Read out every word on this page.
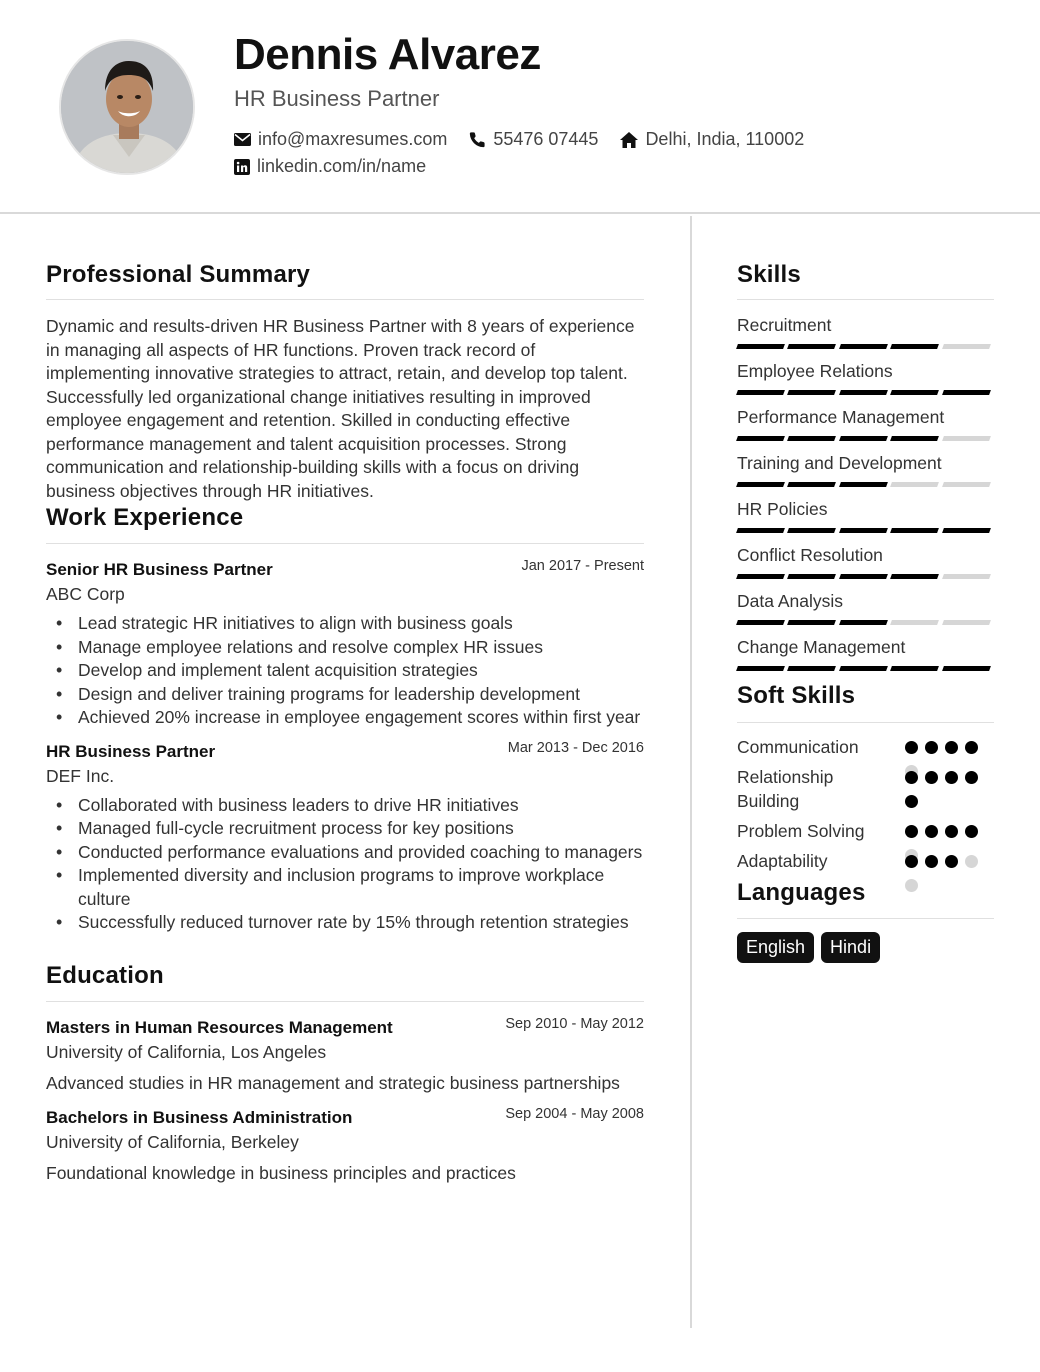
Dennis Alvarez
HR Business Partner
info@maxresumes.com	55476 07445	Delhi, India, 110002
linkedin.com/in/name
Professional Summary
Dynamic and results-driven HR Business Partner with 8 years of experience in managing all aspects of HR functions. Proven track record of implementing innovative strategies to attract, retain, and develop top talent. Successfully led organizational change initiatives resulting in improved employee engagement and retention. Skilled in conducting effective performance management and talent acquisition processes. Strong communication and relationship-building skills with a focus on driving business objectives through HR initiatives.
Work Experience
Senior HR Business Partner	Jan 2017 - Present
ABC Corp
• Lead strategic HR initiatives to align with business goals
• Manage employee relations and resolve complex HR issues
• Develop and implement talent acquisition strategies
• Design and deliver training programs for leadership development
• Achieved 20% increase in employee engagement scores within first year
HR Business Partner	Mar 2013 - Dec 2016
DEF Inc.
• Collaborated with business leaders to drive HR initiatives
• Managed full-cycle recruitment process for key positions
• Conducted performance evaluations and provided coaching to managers
• Implemented diversity and inclusion programs to improve workplace culture
• Successfully reduced turnover rate by 15% through retention strategies
Education
Masters in Human Resources Management	Sep 2010 - May 2012
University of California, Los Angeles
Advanced studies in HR management and strategic business partnerships
Bachelors in Business Administration	Sep 2004 - May 2008
University of California, Berkeley
Foundational knowledge in business principles and practices
Skills
Recruitment
Employee Relations
Performance Management
Training and Development
HR Policies
Conflict Resolution
Data Analysis
Change Management
Soft Skills
Communication
Relationship Building
Problem Solving
Adaptability
Languages
English	Hindi
